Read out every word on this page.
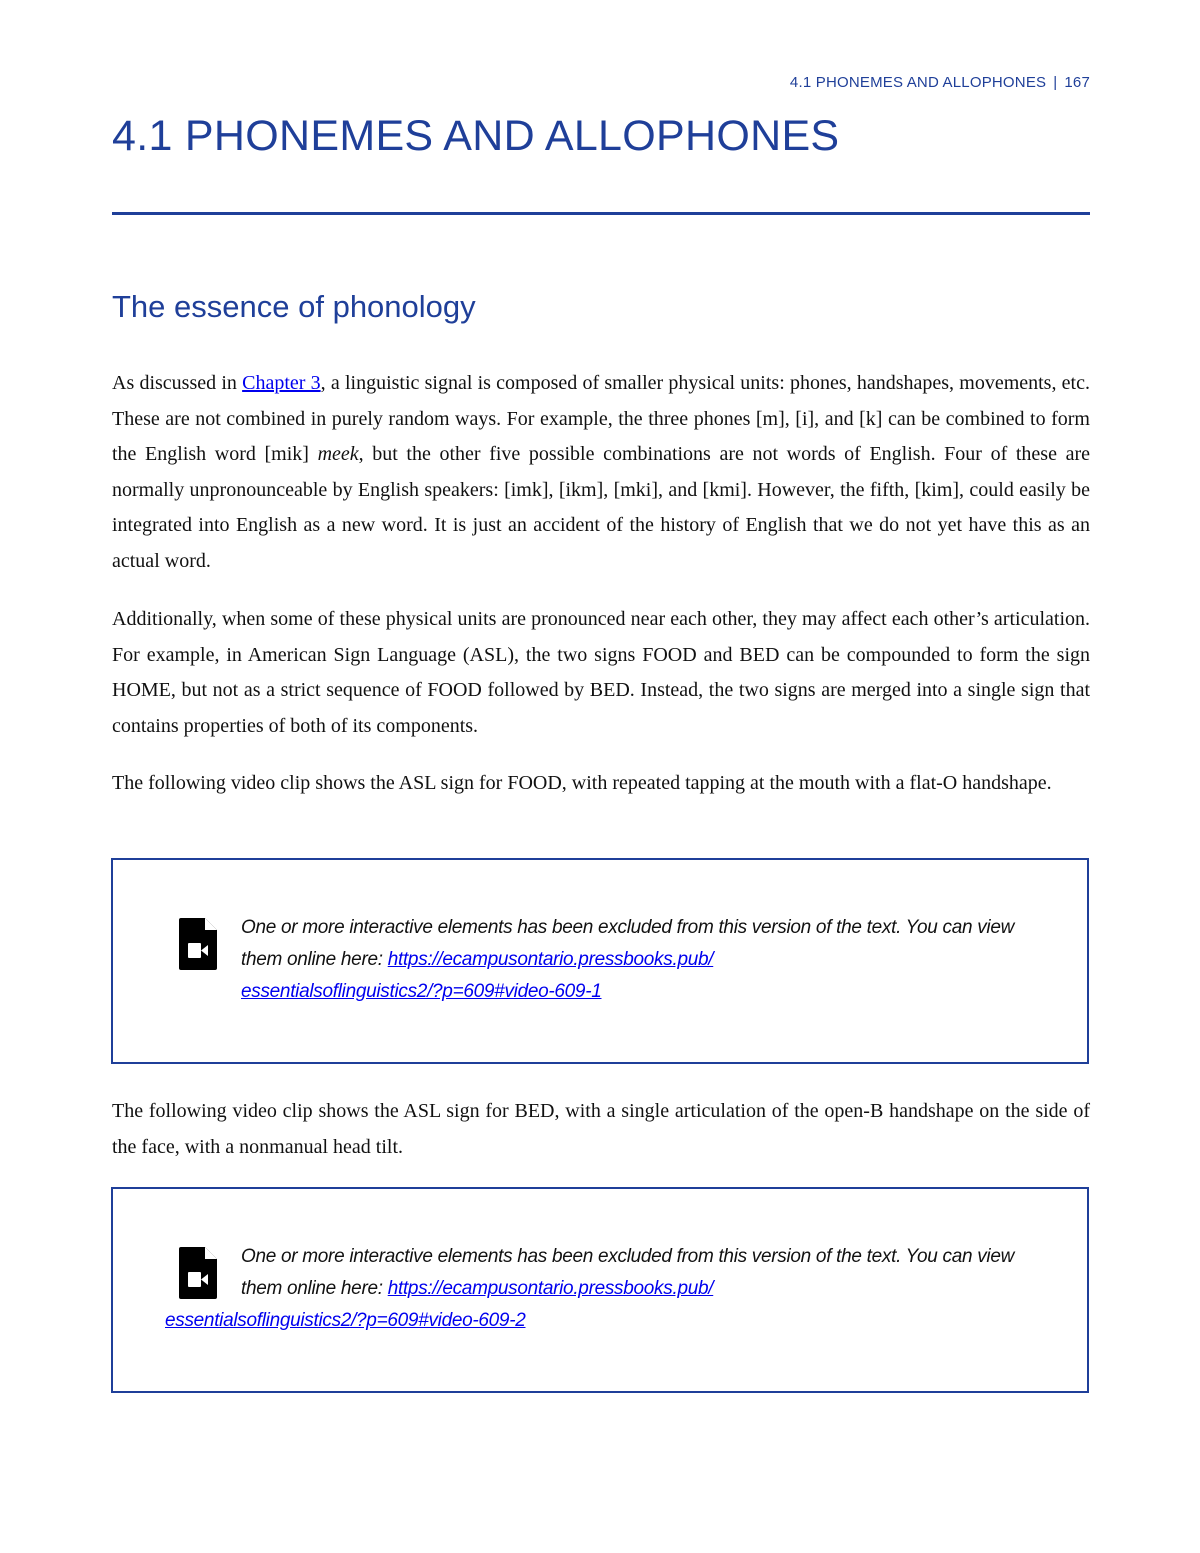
4.1 PHONEMES AND ALLOPHONES | 167
4.1 PHONEMES AND ALLOPHONES
The essence of phonology

As discussed in Chapter 3, a linguistic signal is composed of smaller physical units: phones, handshapes, movements, etc. These are not combined in purely random ways. For example, the three phones [m], [i], and [k] can be combined to form the English word [mik] meek, but the other five possible combinations are not words of English. Four of these are normally unpronounceable by English speakers: [imk], [ikm], [mki], and [kmi]. However, the fifth, [kim], could easily be integrated into English as a new word. It is just an accident of the history of English that we do not yet have this as an actual word.

Additionally, when some of these physical units are pronounced near each other, they may affect each other’s articulation. For example, in American Sign Language (ASL), the two signs FOOD and BED can be compounded to form the sign HOME, but not as a strict sequence of FOOD followed by BED. Instead, the two signs are merged into a single sign that contains properties of both of its components.

The following video clip shows the ASL sign for FOOD, with repeated tapping at the mouth with a flat-O handshape.

One or more interactive elements has been excluded from this version of the text. You can view them online here: https://ecampusontario.pressbooks.pub/
essentialsoflinguistics2/?p=609#video-609-1

The following video clip shows the ASL sign for BED, with a single articulation of the open-B handshape on the side of the face, with a nonmanual head tilt.

One or more interactive elements has been excluded from this version of the text. You can view them online here: https://ecampusontario.pressbooks.pub/
essentialsoflinguistics2/?p=609#video-609-2
